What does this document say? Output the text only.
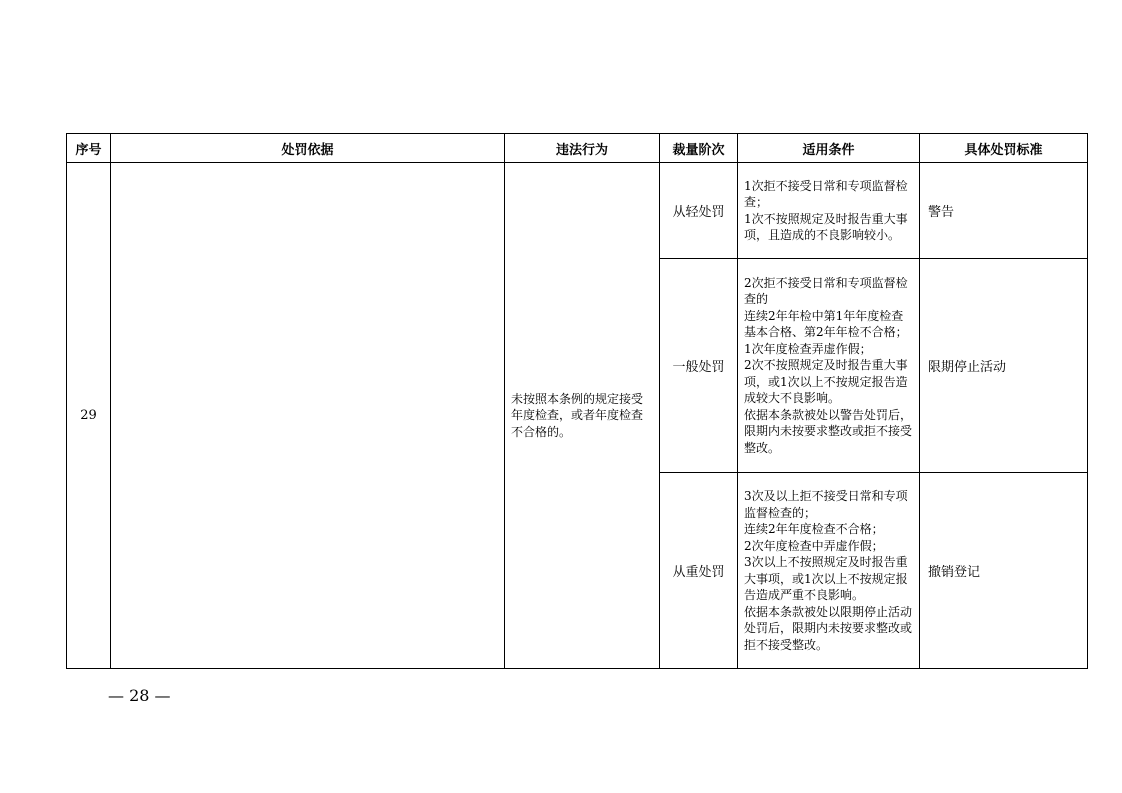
序号	处罚依据	违法行为	裁量阶次	适用条件	具体处罚标准
29		未按照本条例的规定接受年度检查，或者年度检查不合格的。	从轻处罚	1次拒不接受日常和专项监督检查；
1次不按照规定及时报告重大事项，且造成的不良影响较小。	警告
			一般处罚	2次拒不接受日常和专项监督检查的
连续2年年检中第1年年度检查基本合格、第2年年检不合格；
1次年度检查弄虚作假；
2次不按照规定及时报告重大事项，或1次以上不按规定报告造成较大不良影响。
依据本条款被处以警告处罚后，限期内未按要求整改或拒不接受整改。	限期停止活动
			从重处罚	3次及以上拒不接受日常和专项监督检查的；
连续2年年度检查不合格；
2次年度检查中弄虚作假；
3次以上不按照规定及时报告重大事项，或1次以上不按规定报告造成严重不良影响。
依据本条款被处以限期停止活动处罚后，限期内未按要求整改或拒不接受整改。	撤销登记
— 28 —
